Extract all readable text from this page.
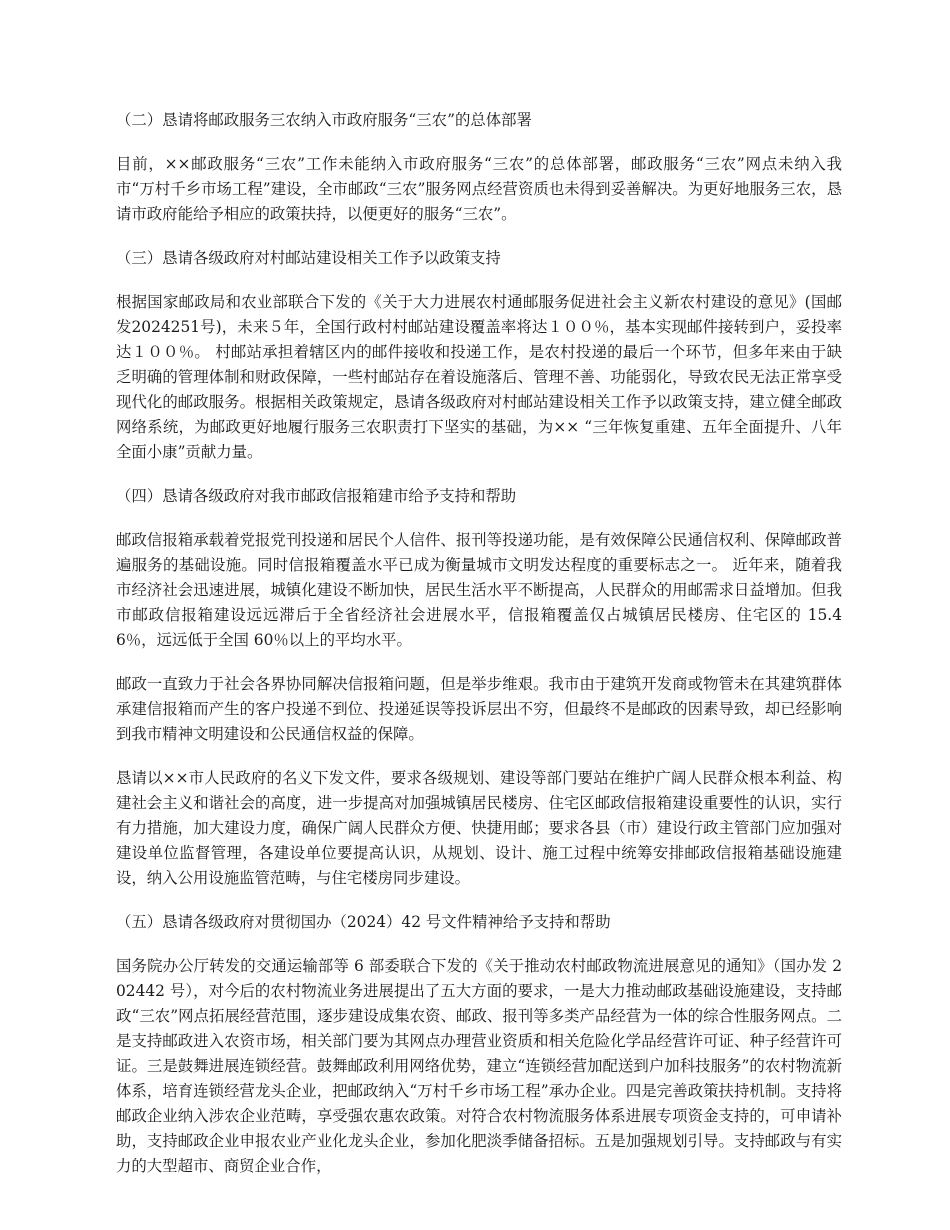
（二）恳请将邮政服务三农纳入市政府服务“三农”的总体部署
目前，××邮政服务“三农”工作未能纳入市政府服务“三农”的总体部署，邮政服务“三农”网点未纳入我市“万村千乡市场工程”建设，全市邮政“三农”服务网点经营资质也未得到妥善解决。为更好地服务三农，恳请市政府能给予相应的政策扶持，以便更好的服务“三农”。
（三）恳请各级政府对村邮站建设相关工作予以政策支持
根据国家邮政局和农业部联合下发的《关于大力进展农村通邮服务促进社会主义新农村建设的意见》(国邮发2024251号)，未来５年，全国行政村村邮站建设覆盖率将达１００％，基本实现邮件接转到户，妥投率达１００％。 村邮站承担着辖区内的邮件接收和投递工作，是农村投递的最后一个环节，但多年来由于缺乏明确的管理体制和财政保障，一些村邮站存在着设施落后、管理不善、功能弱化，导致农民无法正常享受现代化的邮政服务。根据相关政策规定，恳请各级政府对村邮站建设相关工作予以政策支持，建立健全邮政网络系统，为邮政更好地履行服务三农职责打下坚实的基础，为×× “三年恢复重建、五年全面提升、八年全面小康”贡献力量。
（四）恳请各级政府对我市邮政信报箱建市给予支持和帮助
邮政信报箱承载着党报党刊投递和居民个人信件、报刊等投递功能，是有效保障公民通信权利、保障邮政普遍服务的基础设施。同时信报箱覆盖水平已成为衡量城市文明发达程度的重要标志之一。 近年来，随着我市经济社会迅速进展，城镇化建设不断加快，居民生活水平不断提高，人民群众的用邮需求日益增加。但我市邮政信报箱建设远远滞后于全省经济社会进展水平，信报箱覆盖仅占城镇居民楼房、住宅区的 15.46％，远远低于全国 60％以上的平均水平。
邮政一直致力于社会各界协同解决信报箱问题，但是举步维艰。我市由于建筑开发商或物管未在其建筑群体承建信报箱而产生的客户投递不到位、投递延误等投诉层出不穷，但最终不是邮政的因素导致，却已经影响到我市精神文明建设和公民通信权益的保障。
恳请以××市人民政府的名义下发文件，要求各级规划、建设等部门要站在维护广阔人民群众根本利益、构建社会主义和谐社会的高度，进一步提高对加强城镇居民楼房、住宅区邮政信报箱建设重要性的认识，实行有力措施，加大建设力度，确保广阔人民群众方便、快捷用邮；要求各县（市）建设行政主管部门应加强对建设单位监督管理，各建设单位要提高认识，从规划、设计、施工过程中统筹安排邮政信报箱基础设施建设，纳入公用设施监管范畴，与住宅楼房同步建设。
（五）恳请各级政府对贯彻国办（2024）42 号文件精神给予支持和帮助
国务院办公厅转发的交通运输部等 6 部委联合下发的《关于推动农村邮政物流进展意见的通知》（国办发 202442 号），对今后的农村物流业务进展提出了五大方面的要求，一是大力推动邮政基础设施建设，支持邮政“三农”网点拓展经营范围，逐步建设成集农资、邮政、报刊等多类产品经营为一体的综合性服务网点。二是支持邮政进入农资市场，相关部门要为其网点办理营业资质和相关危险化学品经营许可证、种子经营许可证。三是鼓舞进展连锁经营。鼓舞邮政利用网络优势，建立“连锁经营加配送到户加科技服务”的农村物流新体系，培育连锁经营龙头企业，把邮政纳入“万村千乡市场工程”承办企业。四是完善政策扶持机制。支持将邮政企业纳入涉农企业范畴，享受强农惠农政策。对符合农村物流服务体系进展专项资金支持的，可申请补助，支持邮政企业申报农业产业化龙头企业，参加化肥淡季储备招标。五是加强规划引导。支持邮政与有实力的大型超市、商贸企业合作，
